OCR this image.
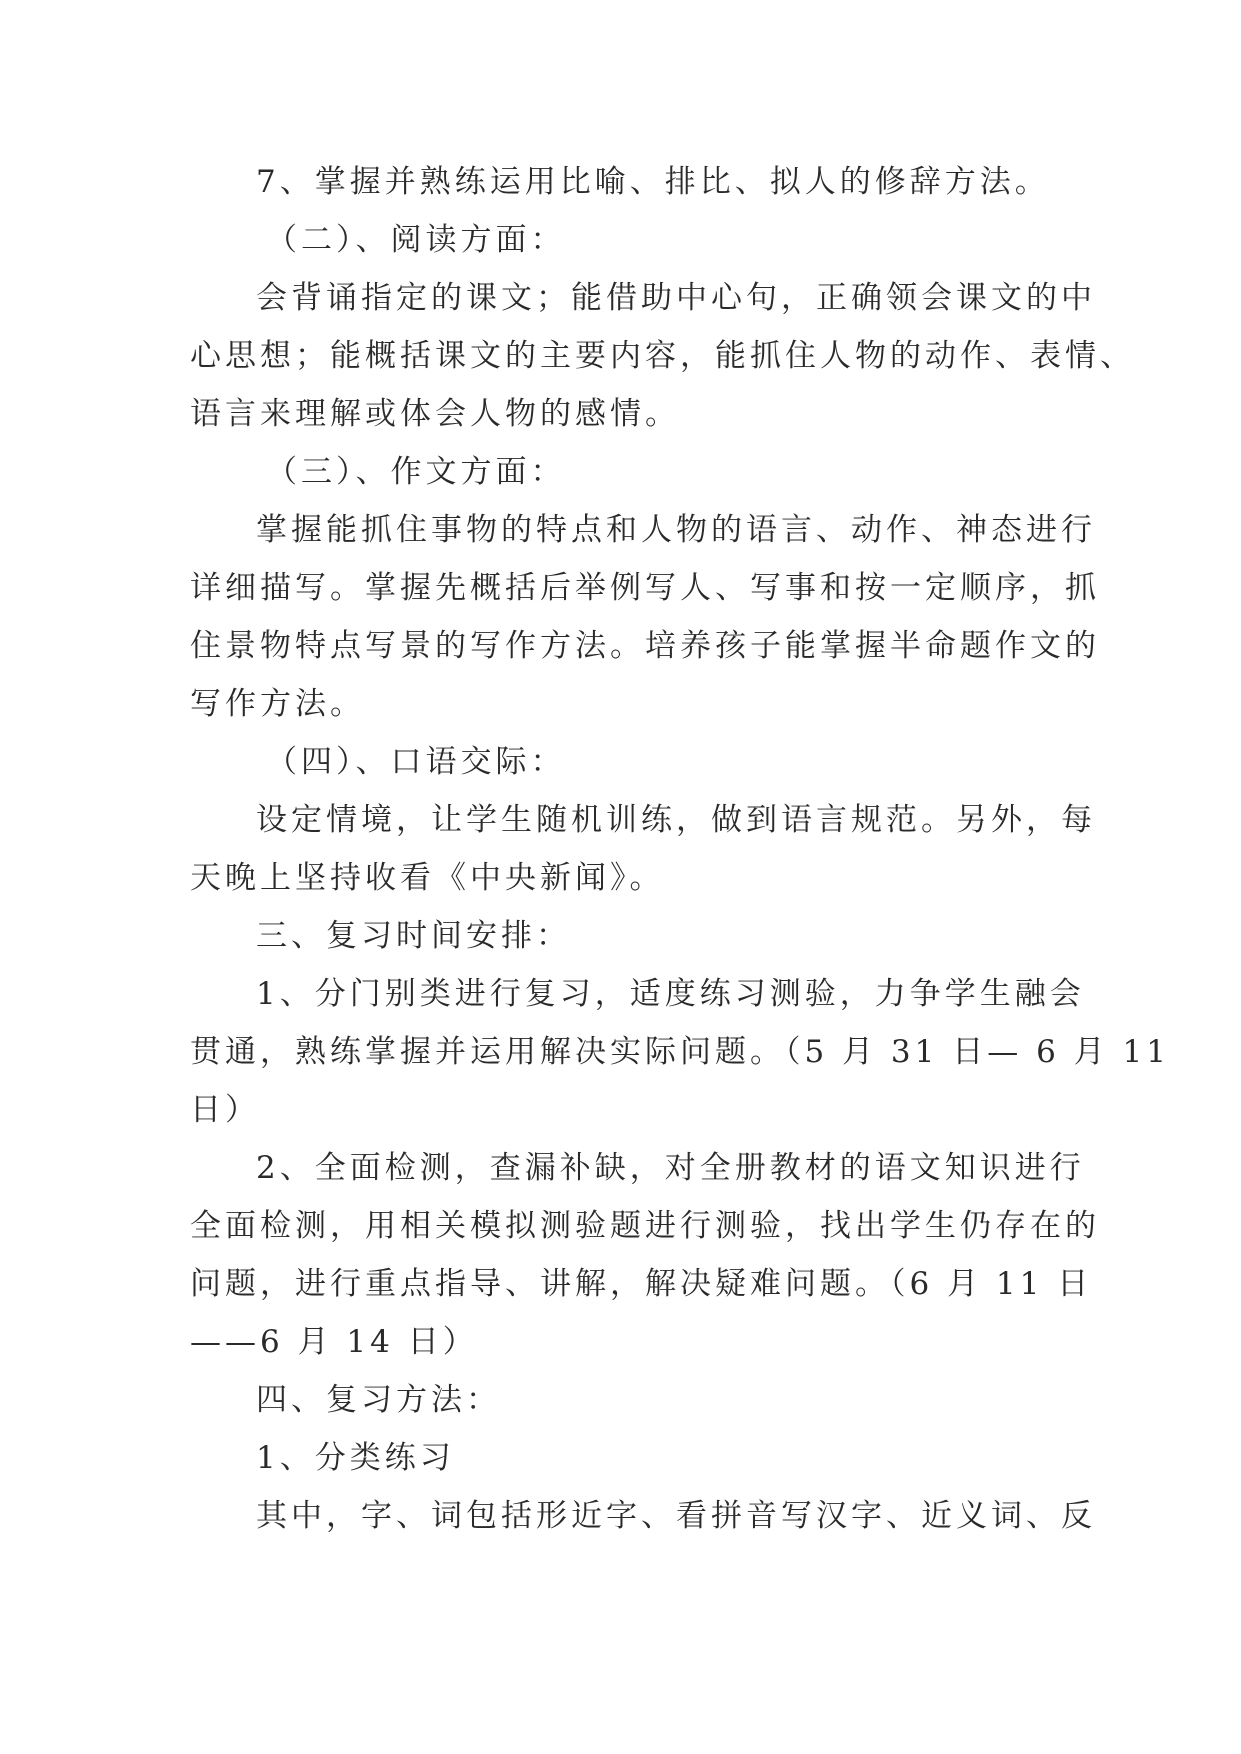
7、掌握并熟练运用比喻、排比、拟人的修辞方法。
（二）、阅读方面：
会背诵指定的课文；能借助中心句，正确领会课文的中
心思想；能概括课文的主要内容，能抓住人物的动作、表情、
语言来理解或体会人物的感情。
（三）、作文方面：
掌握能抓住事物的特点和人物的语言、动作、神态进行
详细描写。掌握先概括后举例写人、写事和按一定顺序，抓
住景物特点写景的写作方法。培养孩子能掌握半命题作文的
写作方法。
（四）、口语交际：
设定情境，让学生随机训练，做到语言规范。另外，每
天晚上坚持收看《中央新闻》。
三、复习时间安排：
1、分门别类进行复习，适度练习测验，力争学生融会
贯通，熟练掌握并运用解决实际问题。（5 月 31 日— 6 月 11
日）
2、全面检测，查漏补缺，对全册教材的语文知识进行
全面检测，用相关模拟测验题进行测验，找出学生仍存在的
问题，进行重点指导、讲解，解决疑难问题。（6 月 11 日
——6 月 14 日）
四、复习方法：
1、分类练习
其中，字、词包括形近字、看拼音写汉字、近义词、反
